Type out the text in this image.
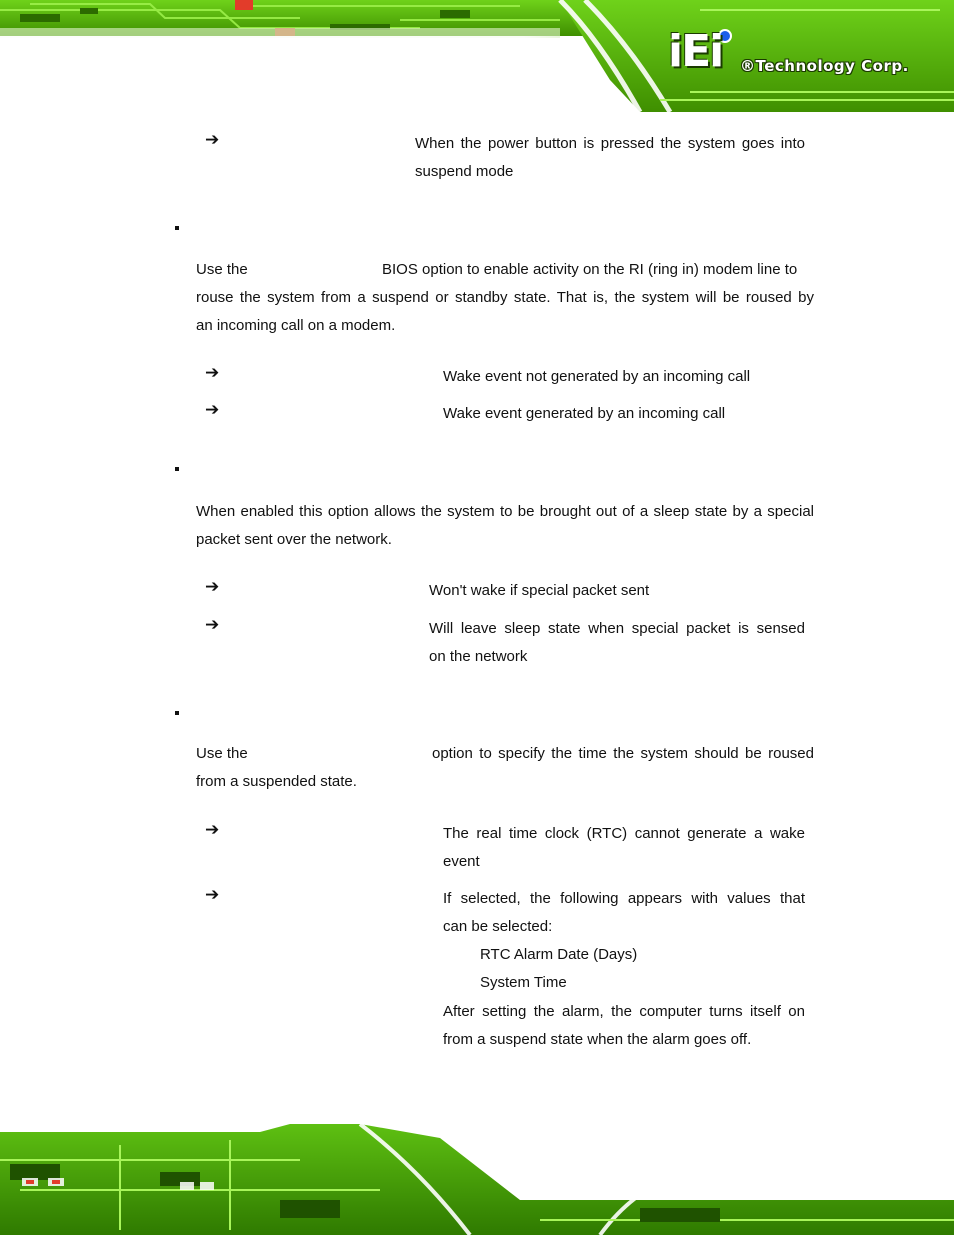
iEi ®Technology Corp.
➔	When the power button is pressed the system goes into
suspend mode
Use the	BIOS option to enable activity on the RI (ring in) modem line to
rouse the system from a suspend or standby state. That is, the system will be roused by
an incoming call on a modem.
➔	Wake event not generated by an incoming call
➔	Wake event generated by an incoming call
When enabled this option allows the system to be brought out of a sleep state by a special
packet sent over the network.
➔	Won't wake if special packet sent
➔	Will leave sleep state when special packet is sensed
on the network
Use the	option to specify the time the system should be roused
from a suspended state.
➔	The real time clock (RTC) cannot generate a wake
event
➔	If selected, the following appears with values that
can be selected:
RTC Alarm Date (Days)
System Time
After setting the alarm, the computer turns itself on
from a suspend state when the alarm goes off.
